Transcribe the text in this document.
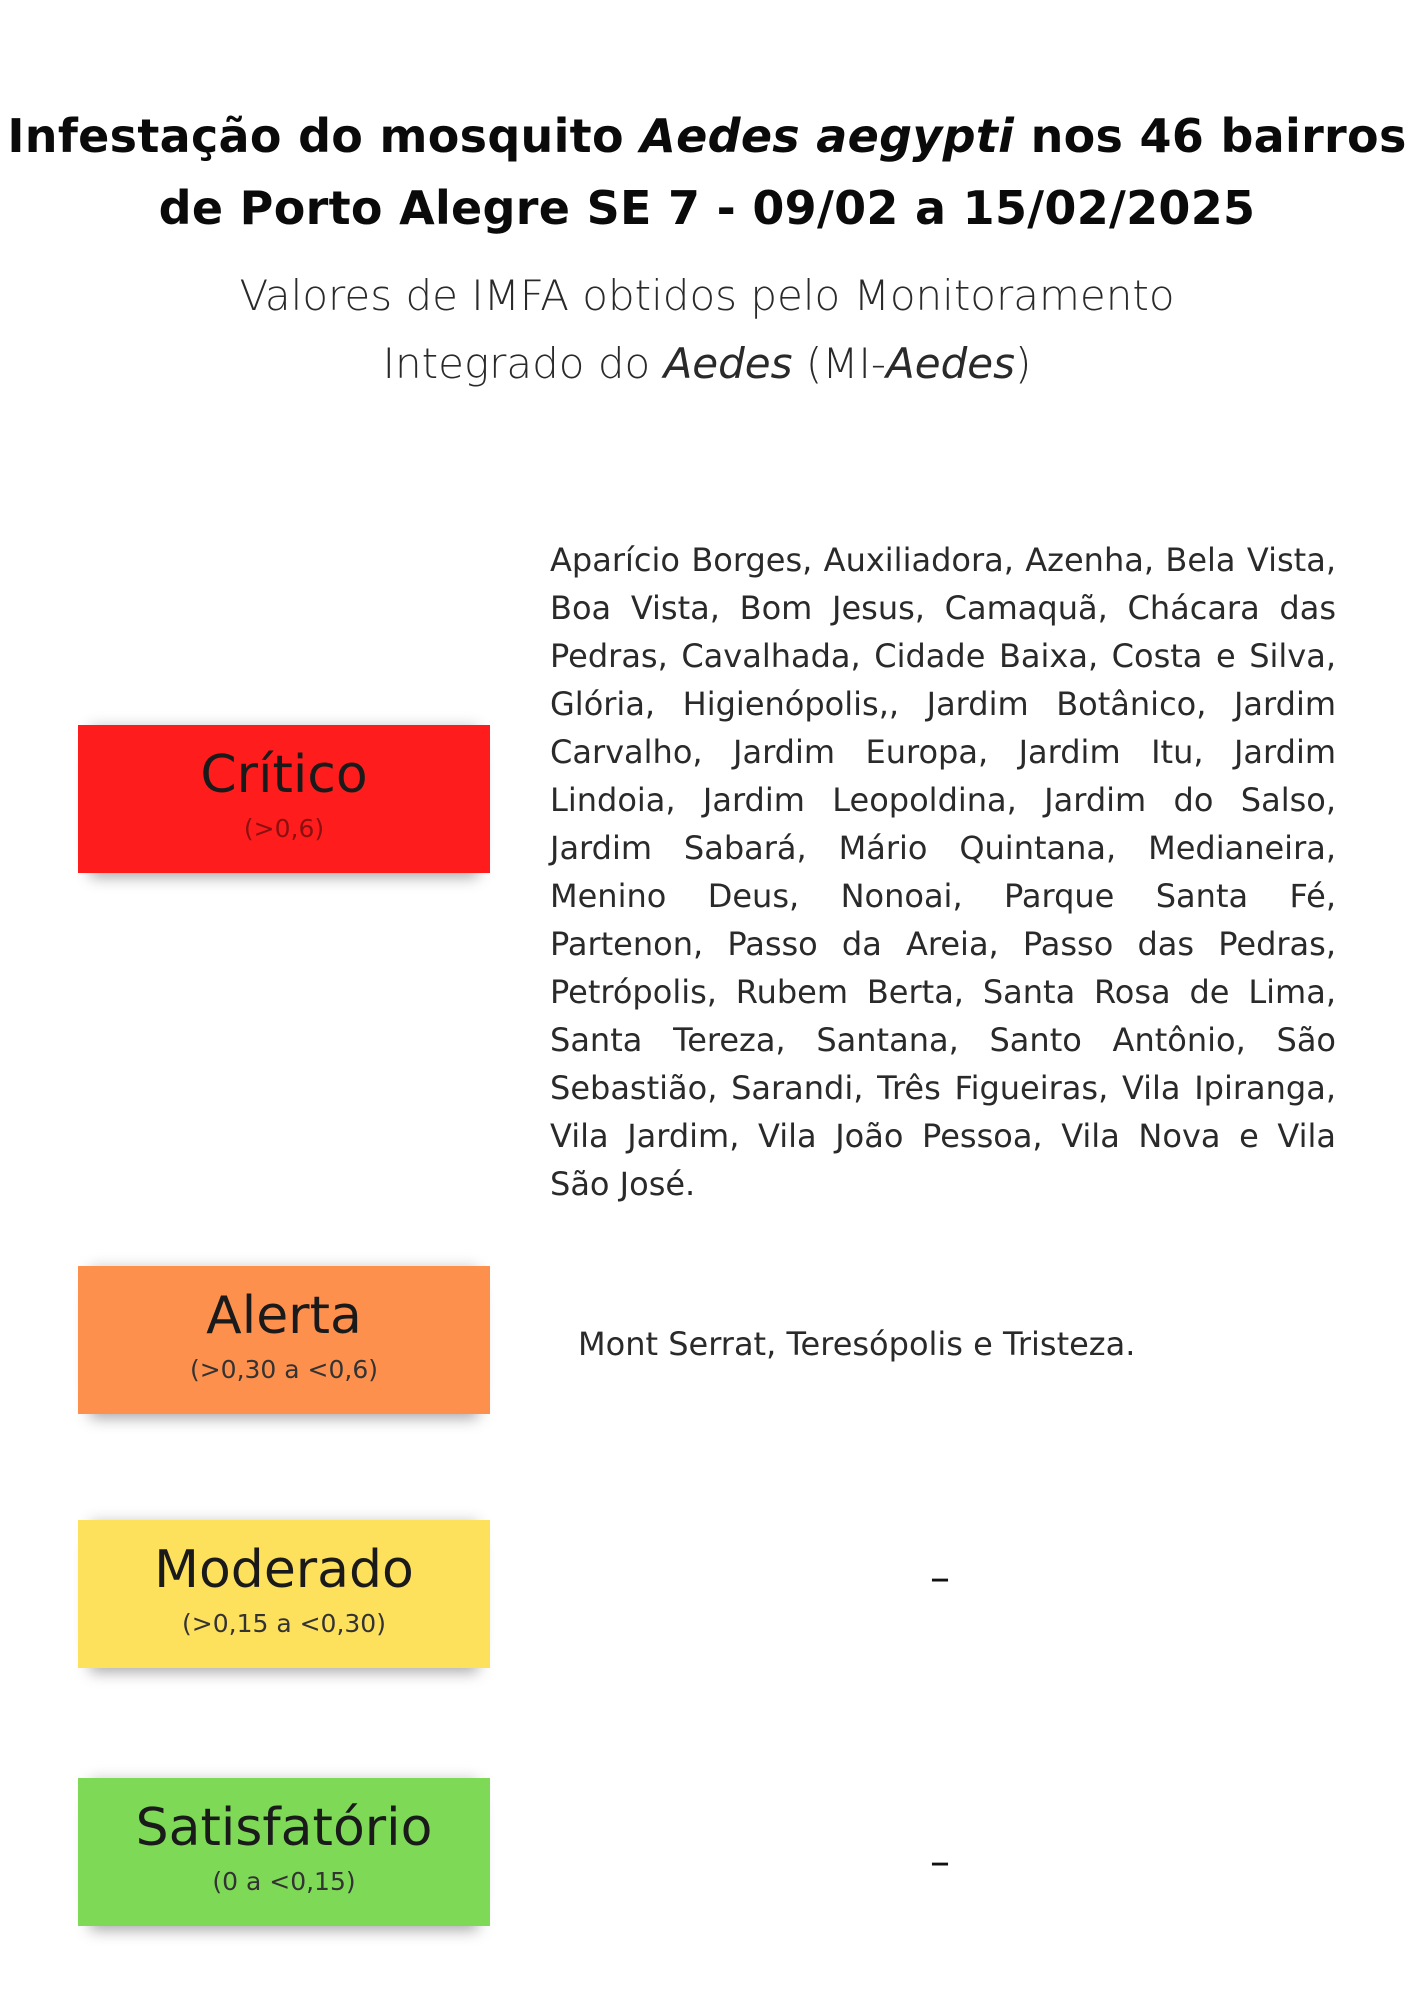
Infestação do mosquito Aedes aegypti nos 46 bairros
de Porto Alegre SE 7 - 09/02 a 15/02/2025
Valores de IMFA obtidos pelo Monitoramento
Integrado do Aedes (MI-Aedes)
Crítico
(>0,6)
Aparício Borges, Auxiliadora, Azenha, Bela Vista, Boa Vista, Bom Jesus, Camaquã, Chácara das Pedras, Cavalhada, Cidade Baixa, Costa e Silva, Glória, Higienópolis,, Jardim Botânico, Jardim Carvalho, Jardim Europa, Jardim Itu, Jardim Lindoia, Jardim Leopoldina, Jardim do Salso, Jardim Sabará, Mário Quintana, Medianeira, Menino Deus, Nonoai, Parque Santa Fé, Partenon, Passo da Areia, Passo das Pedras, Petrópolis, Rubem Berta, Santa Rosa de Lima, Santa Tereza, Santana, Santo Antônio, São Sebastião, Sarandi, Três Figueiras, Vila Ipiranga, Vila Jardim, Vila João Pessoa, Vila Nova e Vila São José.
Alerta
(>0,30 a <0,6)
Mont Serrat, Teresópolis e Tristeza.
Moderado
(>0,15 a <0,30)
–
Satisfatório
(0 a <0,15)	–
